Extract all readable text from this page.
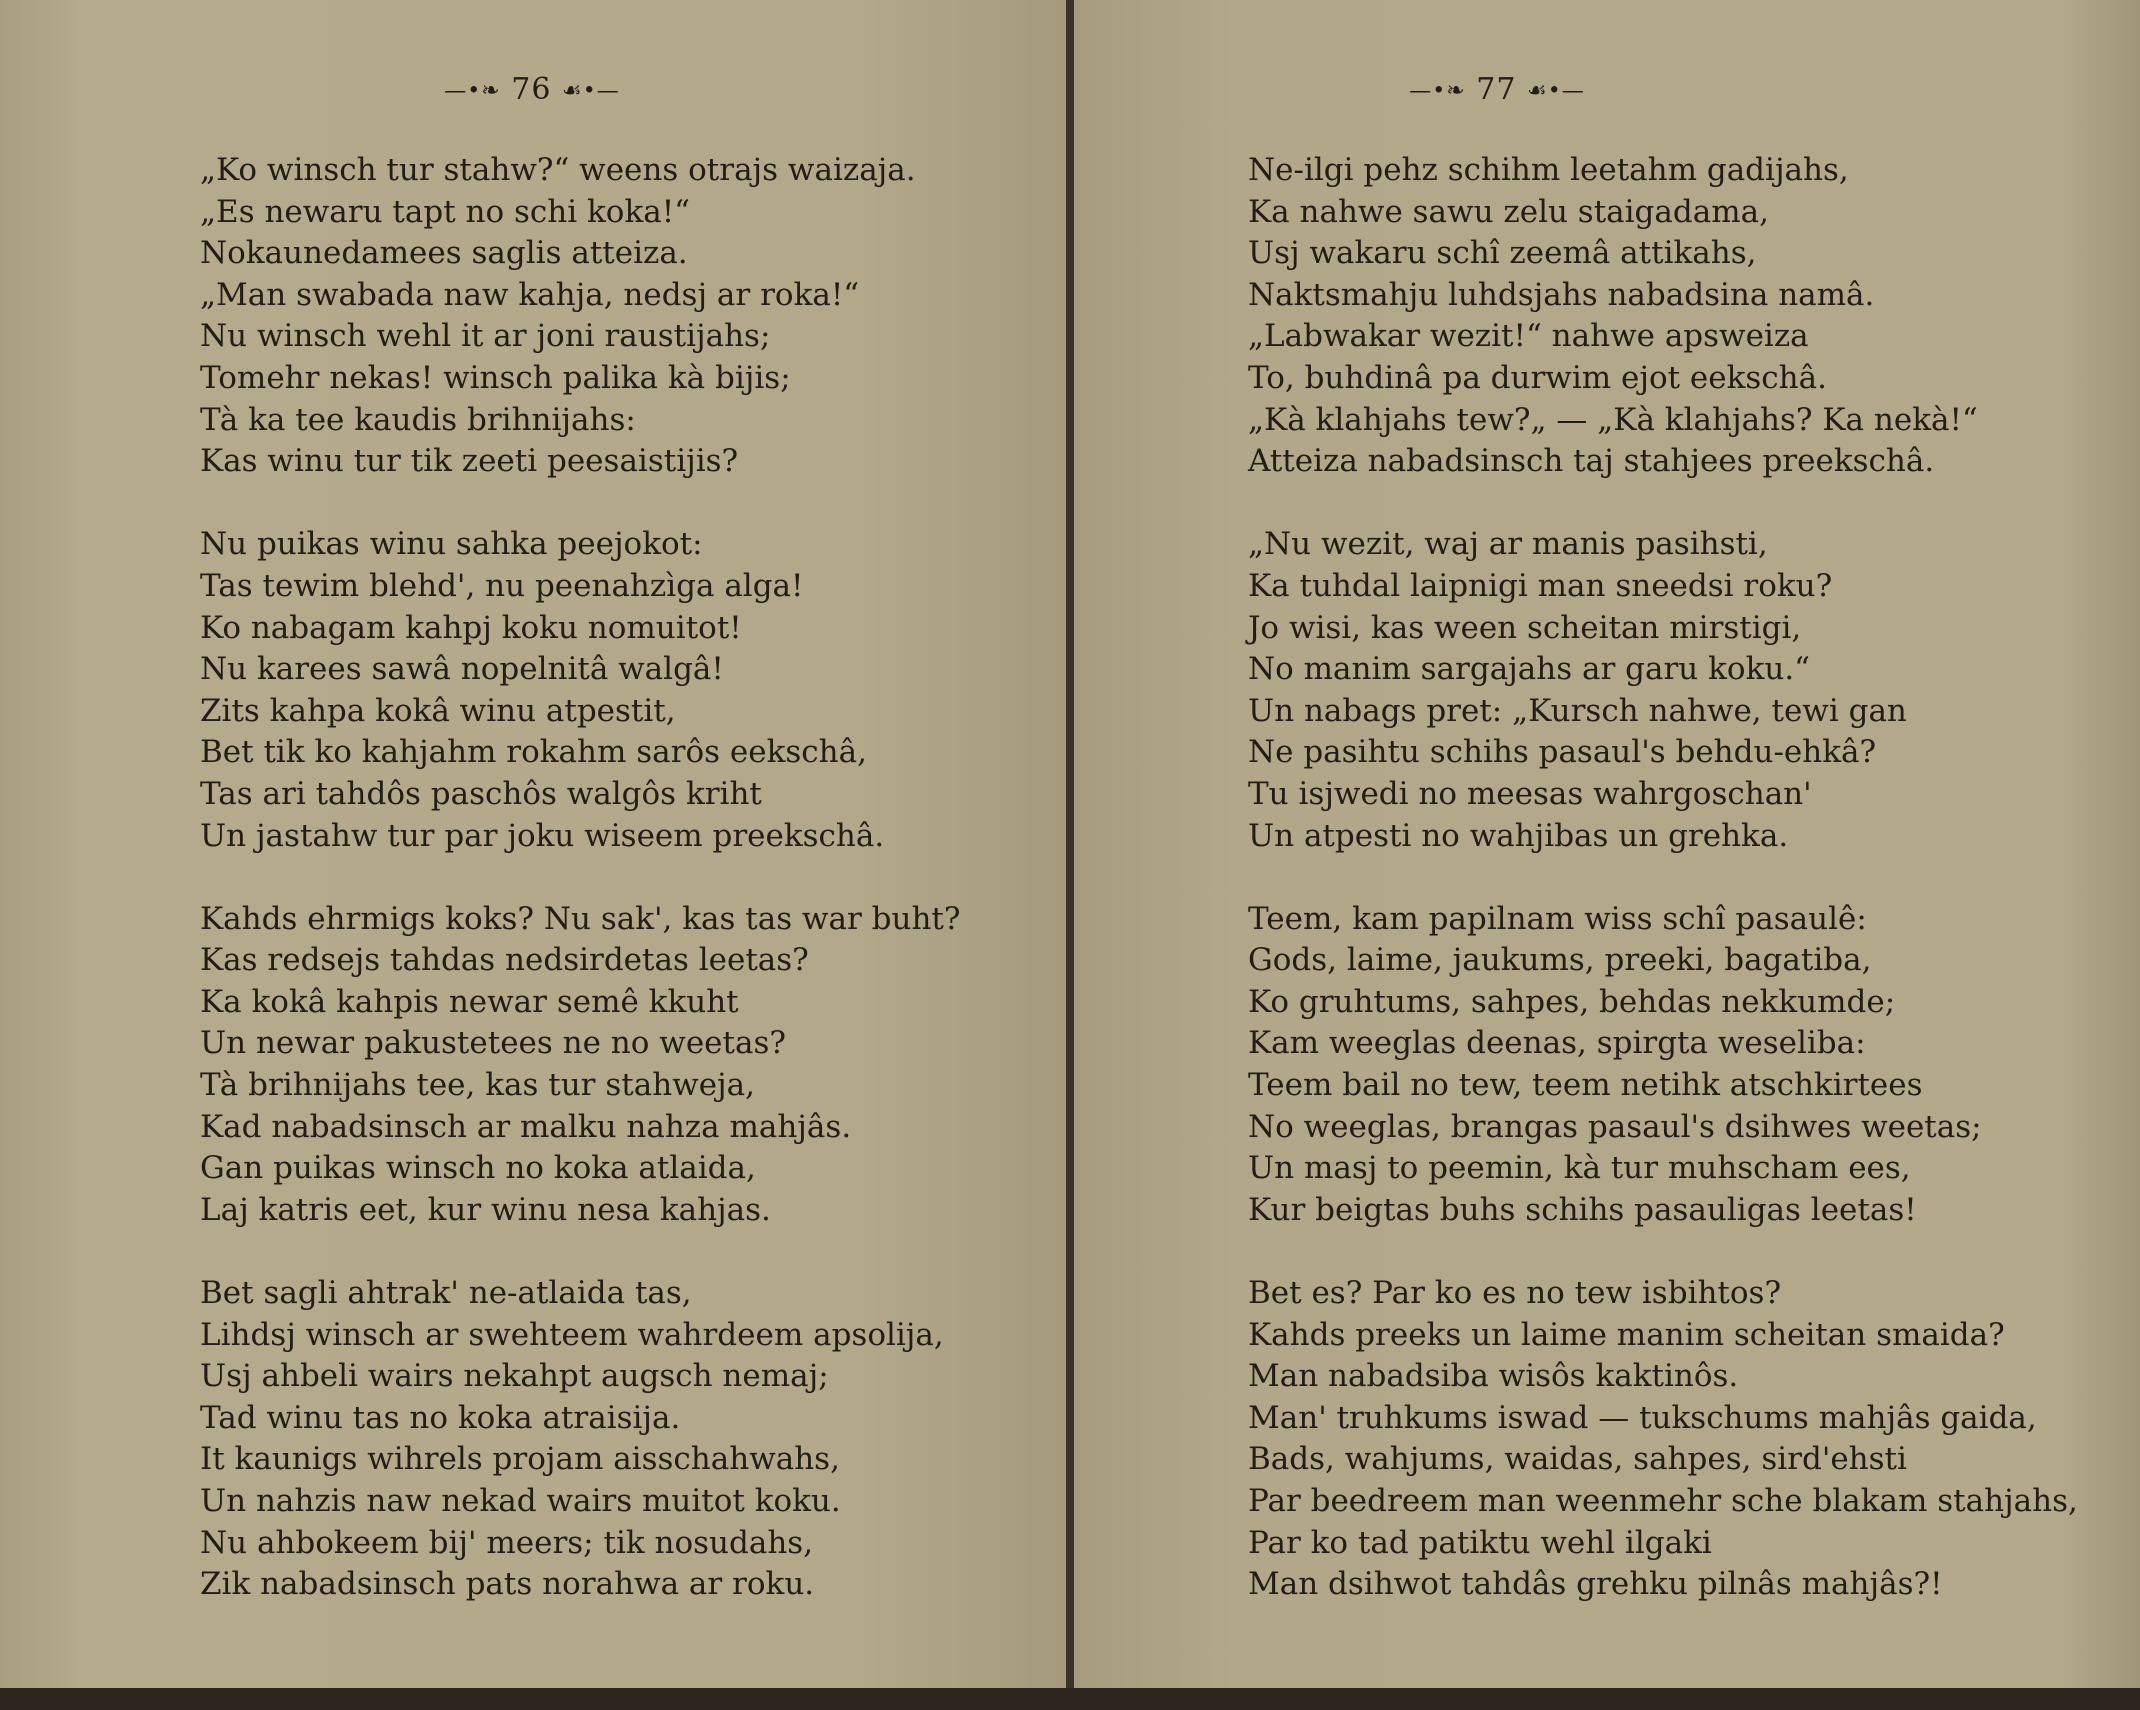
—•❧ 76 ☙•—
„Ko winsch tur stahw?“ weens otrajs waizaja.
„Es newaru tapt no schi koka!“
Nokaunedamees saglis atteiza.
„Man swabada naw kahja, nedsj ar roka!“
Nu winsch wehl it ar joni raustijahs;
Tomehr nekas! winsch palika kà bijis;
Tà ka tee kaudis brihnijahs:
Kas winu tur tik zeeti peesaistijis?
Nu puikas winu sahka peejokot:
Tas tewim blehd', nu peenahzìga alga!
Ko nabagam kahpj koku nomuitot!
Nu karees sawâ nopelnitâ walgâ!
Zits kahpa kokâ winu atpestit,
Bet tik ko kahjahm rokahm sarôs eekschâ,
Tas ari tahdôs paschôs walgôs kriht
Un jastahw tur par joku wiseem preekschâ.
Kahds ehrmigs koks? Nu sak', kas tas war buht?
Kas redsejs tahdas nedsirdetas leetas?
Ka kokâ kahpis newar semê kkuht
Un newar pakustetees ne no weetas?
Tà brihnijahs tee, kas tur stahweja,
Kad nabadsinsch ar malku nahza mahjâs.
Gan puikas winsch no koka atlaida,
Laj katris eet, kur winu nesa kahjas.
Bet sagli ahtrak' ne-atlaida tas,
Lihdsj winsch ar swehteem wahrdeem apsolija,
Usj ahbeli wairs nekahpt augsch nemaj;
Tad winu tas no koka atraisija.
It kaunigs wihrels projam aisschahwahs,
Un nahzis naw nekad wairs muitot koku.
Nu ahbokeem bij' meers; tik nosudahs,
Zik nabadsinsch pats norahwa ar roku.
—•❧ 77 ☙•—
Ne-ilgi pehz schihm leetahm gadijahs,
Ka nahwe sawu zelu staigadama,
Usj wakaru schî zeemâ attikahs,
Naktsmahju luhdsjahs nabadsina namâ.
„Labwakar wezit!“ nahwe apsweiza
To, buhdinâ pa durwim ejot eekschâ.
„Kà klahjahs tew?„ — „Kà klahjahs? Ka nekà!“
Atteiza nabadsinsch taj stahjees preekschâ.
„Nu wezit, waj ar manis pasihsti,
Ka tuhdal laipnigi man sneedsi roku?
Jo wisi, kas ween scheitan mirstigi,
No manim sargajahs ar garu koku.“
Un nabags pret: „Kursch nahwe, tewi gan
Ne pasihtu schihs pasaul's behdu-ehkâ?
Tu isjwedi no meesas wahrgoschan'
Un atpesti no wahjibas un grehka.
Teem, kam papilnam wiss schî pasaulê:
Gods, laime, jaukums, preeki, bagatiba,
Ko gruhtums, sahpes, behdas nekkumde;
Kam weeglas deenas, spirgta weseliba:
Teem bail no tew, teem netihk atschkirtees
No weeglas, brangas pasaul's dsihwes weetas;
Un masj to peemin, kà tur muhscham ees,
Kur beigtas buhs schihs pasauligas leetas!
Bet es? Par ko es no tew isbihtos?
Kahds preeks un laime manim scheitan smaida?
Man nabadsiba wisôs kaktinôs.
Man' truhkums iswad — tukschums mahjâs gaida,
Bads, wahjums, waidas, sahpes, sird'ehsti
Par beedreem man weenmehr sche blakam stahjahs,
Par ko tad patiktu wehl ilgaki
Man dsihwot tahdâs grehku pilnâs mahjâs?!
